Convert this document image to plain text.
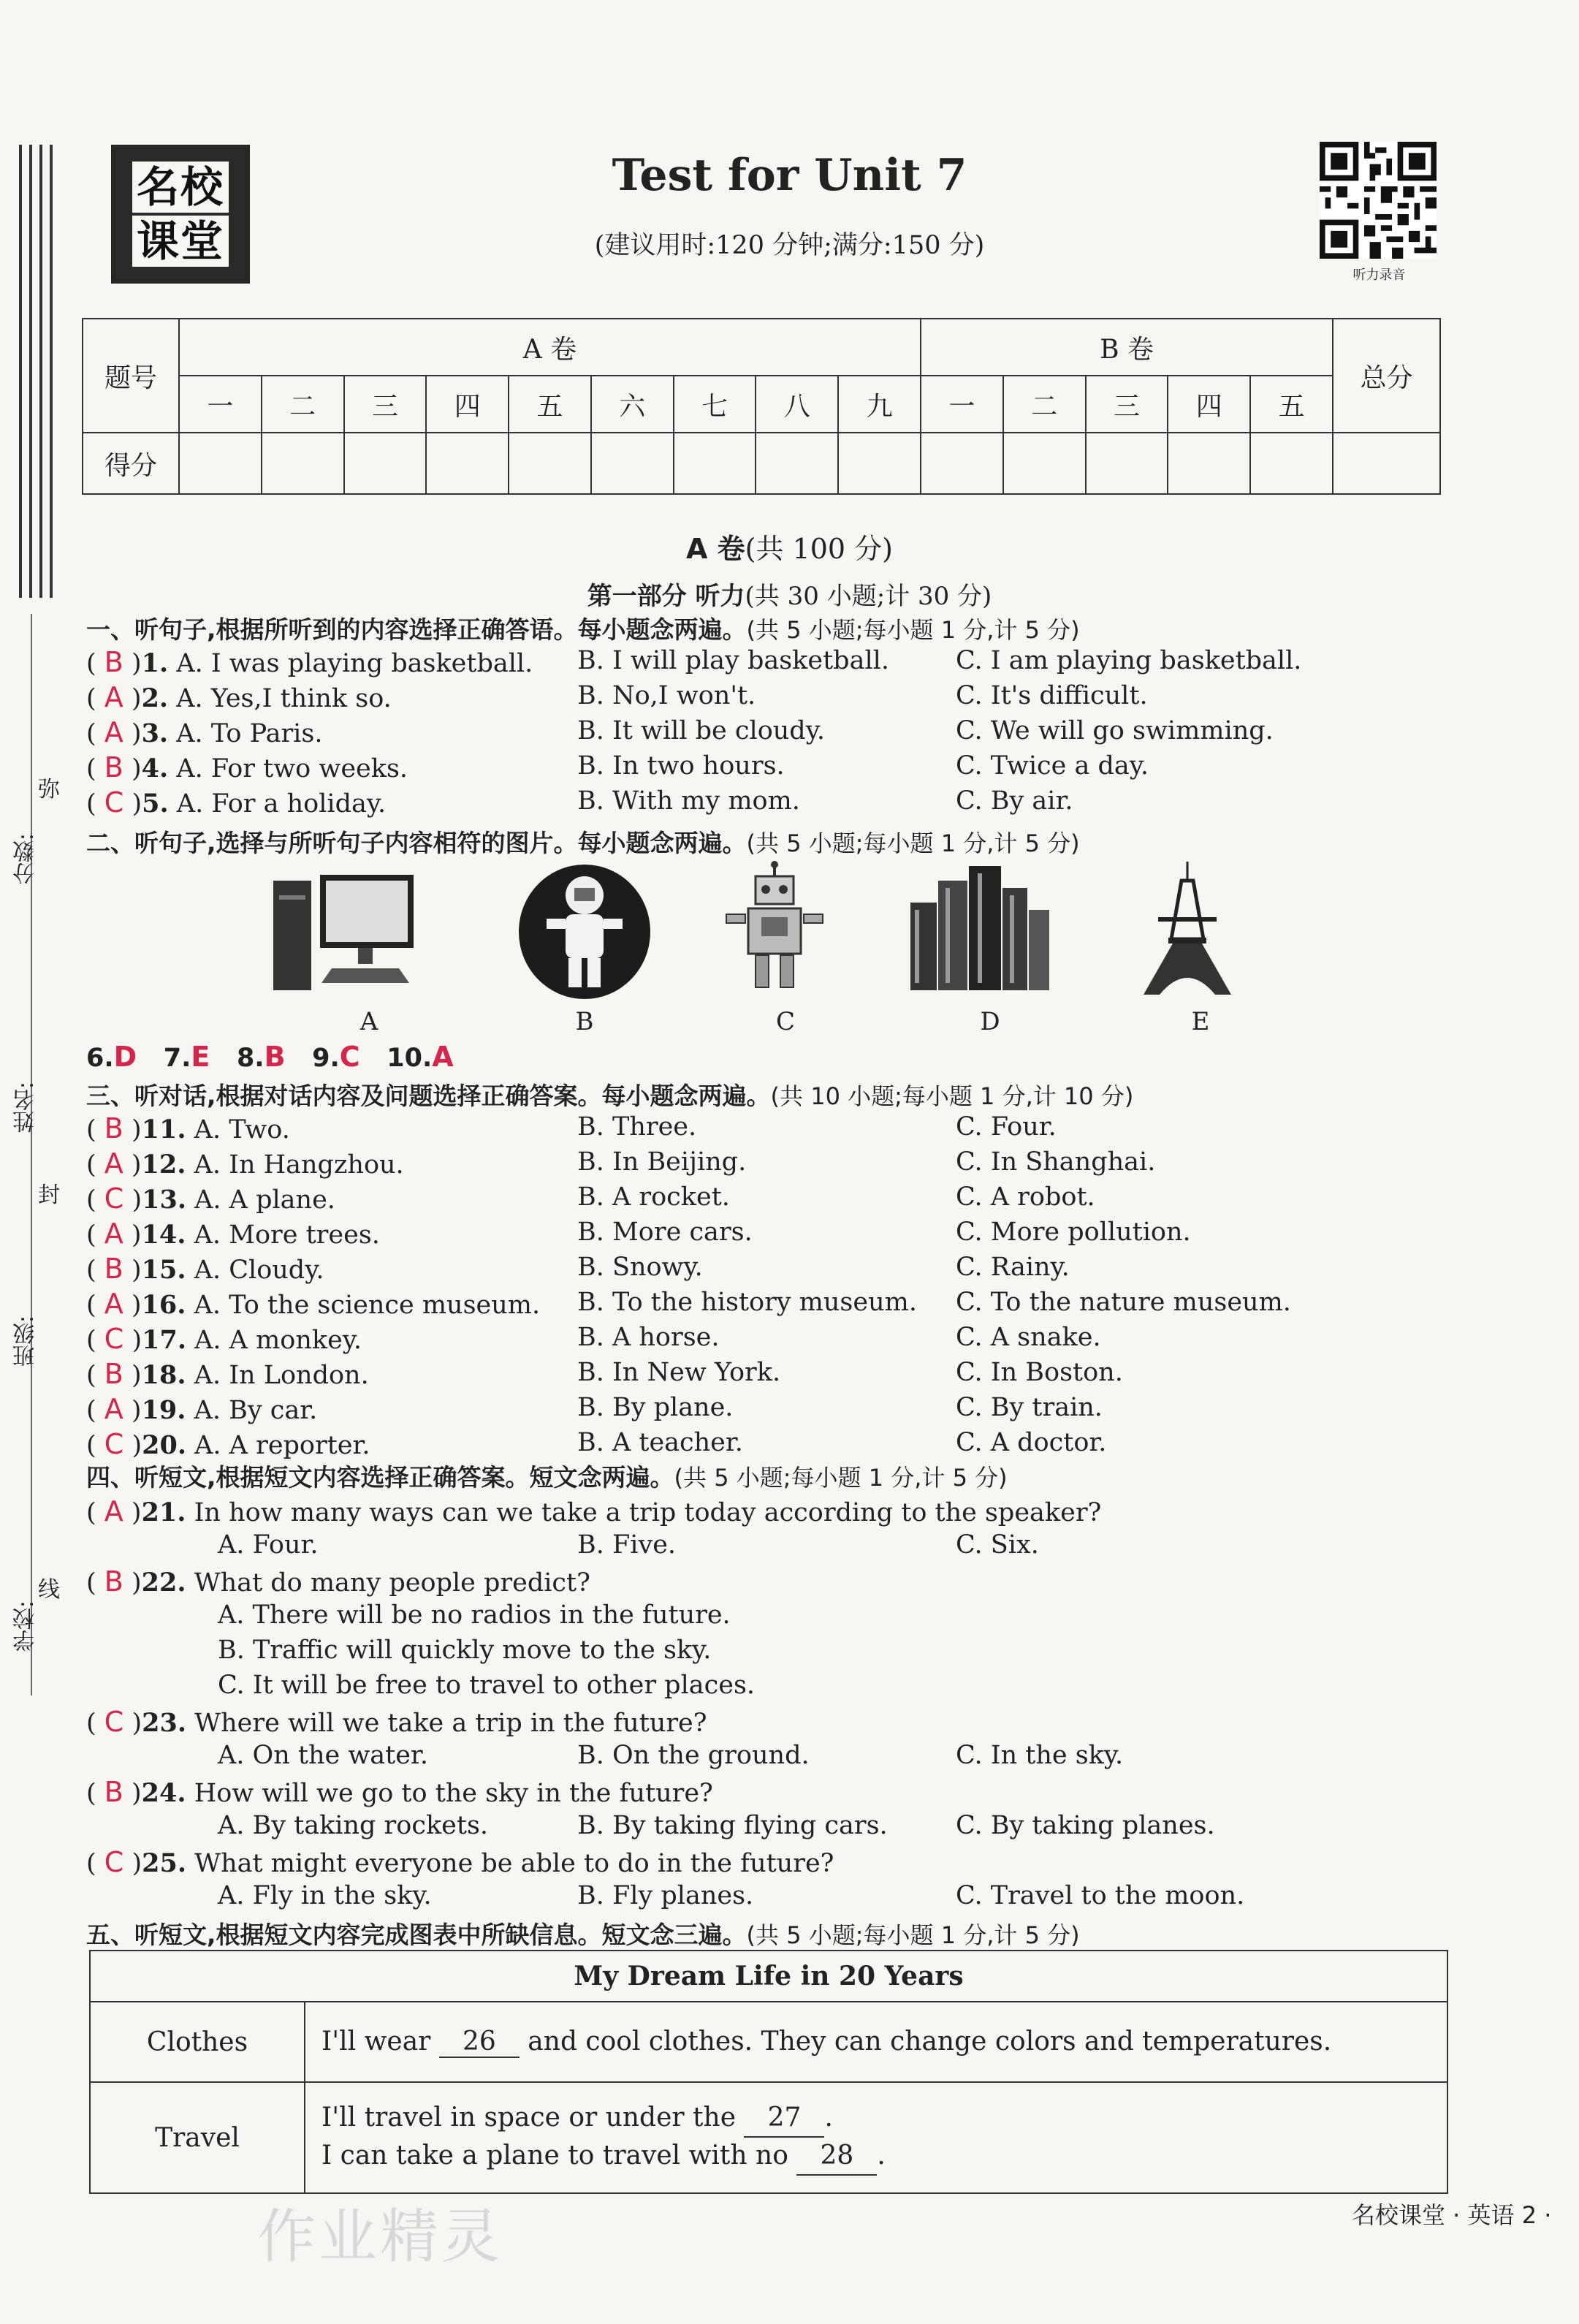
学校:
班级:
姓名:
分数:
线
封
弥
名校
课堂
Test for Unit 7
(建议用时:120 分钟;满分:150 分)
听力录音
题号	A 卷									B 卷					总分
	一	二	三	四	五	六	七	八	九	一	二	三	四	五	
得分															
A 卷(共 100 分)
第一部分 听力(共 30 小题;计 30 分)
一、听句子,根据所听到的内容选择正确答语。每小题念两遍。(共 5 小题;每小题 1 分,计 5 分)
( B )1. A. I was playing basketball. B. I will play basketball.	C. I am playing basketball.
( A )2. A. Yes,I think so.	B. No,I won't.	C. It's difficult.
( A )3. A. To Paris.	B. It will be cloudy.	C. We will go swimming.
( B )4. A. For two weeks.	B. In two hours.	C. Twice a day.
( C )5. A. For a holiday.	B. With my mom.	C. By air.
二、听句子,选择与所听句子内容相符的图片。每小题念两遍。(共 5 小题;每小题 1 分,计 5 分)
A	B	C	D	E
6.D 7.E 8.B 9.C 10.A
三、听对话,根据对话内容及问题选择正确答案。每小题念两遍。(共 10 小题;每小题 1 分,计 10 分)
( B )11. A. Two.	B. Three.	C. Four.
( A )12. A. In Hangzhou.	B. In Beijing.	C. In Shanghai.
( C )13. A. A plane.	B. A rocket.	C. A robot.
( A )14. A. More trees.	B. More cars.	C. More pollution.
( B )15. A. Cloudy.	B. Snowy.	C. Rainy.
( A )16. A. To the science museum. B. To the history museum. C. To the nature museum.
( C )17. A. A monkey.	B. A horse.	C. A snake.
( B )18. A. In London.	B. In New York.	C. In Boston.
( A )19. A. By car.	B. By plane.	C. By train.
( C )20. A. A reporter.	B. A teacher.	C. A doctor.
四、听短文,根据短文内容选择正确答案。短文念两遍。(共 5 小题;每小题 1 分,计 5 分)
( A )21. In how many ways can we take a trip today according to the speaker?
A. Four.	B. Five.	C. Six.
( B )22. What do many people predict?
A. There will be no radios in the future.
B. Traffic will quickly move to the sky.
C. It will be free to travel to other places.
( C )23. Where will we take a trip in the future?
A. On the water.	B. On the ground.	C. In the sky.
( B )24. How will we go to the sky in the future?
A. By taking rockets.	B. By taking flying cars.	C. By taking planes.
( C )25. What might everyone be able to do in the future?
A. Fly in the sky.	B. Fly planes.	C. Travel to the moon.
五、听短文,根据短文内容完成图表中所缺信息。短文念三遍。(共 5 小题;每小题 1 分,计 5 分)
My Dream Life in 20 Years	
Clothes	I'll wear 26 and cool clothes. They can change colors and temperatures.
Travel	I'll travel in space or under the 27 .
I can take a plane to travel with no 28 .
作业精灵	名校课堂 · 英语 2 ·
